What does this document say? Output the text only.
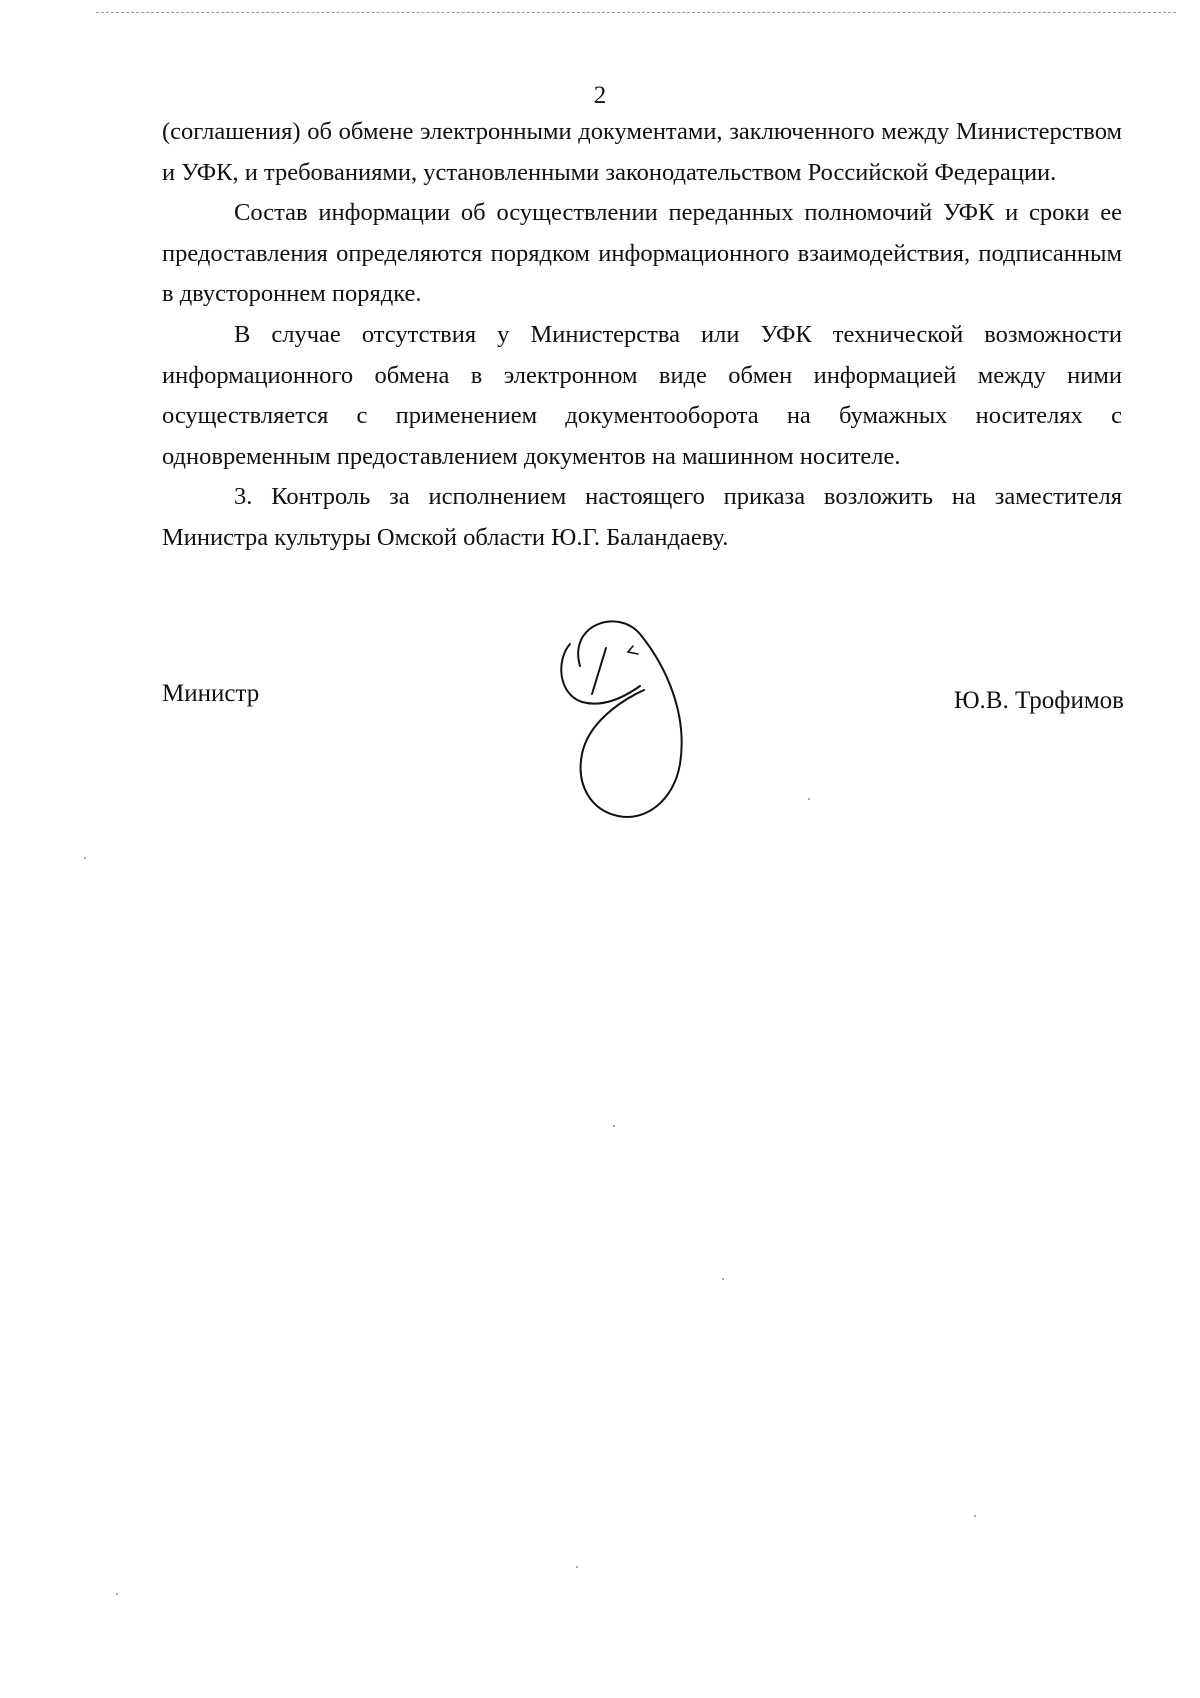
2

(соглашения) об обмене электронными документами, заключенного между Министерством и УФК, и требованиями, установленными законодательством Российской Федерации.

Состав информации об осуществлении переданных полномочий УФК и сроки ее предоставления определяются порядком информационного взаимодействия, подписанным в двустороннем порядке.

В случае отсутствия у Министерства или УФК технической возможности информационного обмена в электронном виде обмен информацией между ними осуществляется с применением документооборота на бумажных носителях с одновременным предоставлением документов на машинном носителе.

3. Контроль за исполнением настоящего приказа возложить на заместителя Министра культуры Омской области Ю.Г. Баландаеву.

Министр	Ю.В. Трофимов
